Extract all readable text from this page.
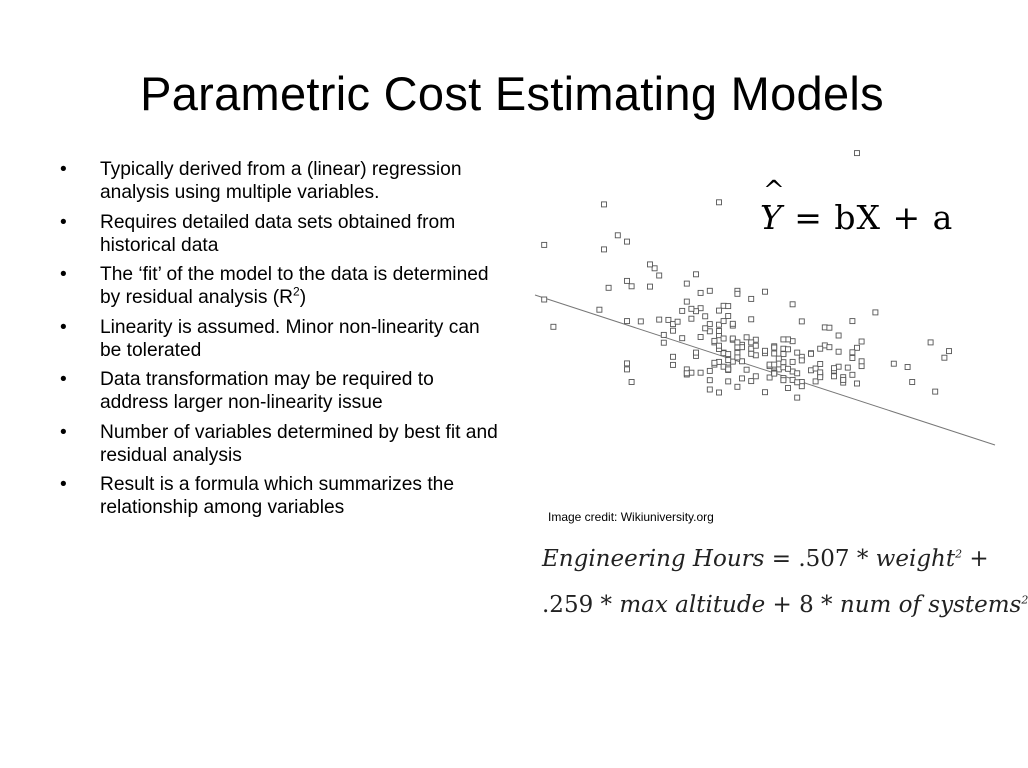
Parametric Cost Estimating Models
• Typically derived from a (linear) regression analysis using multiple variables.
• Requires detailed data sets obtained from historical data
• The ‘fit’ of the model to the data is determined by residual analysis $(R^2)$
• Linearity is assumed. Minor non-linearity can be tolerated
• Data transformation may be required to address larger non-linearity issue
• Number of variables determined by best fit and residual analysis
• Result is a formula which summarizes the relationship among variables
^ Y = bX + a
Image credit: Wikiuniversity.org
Engineering Hours = .507 * weight$^2$ +
.259 * max altitude + 8 * num of systems$^2$
